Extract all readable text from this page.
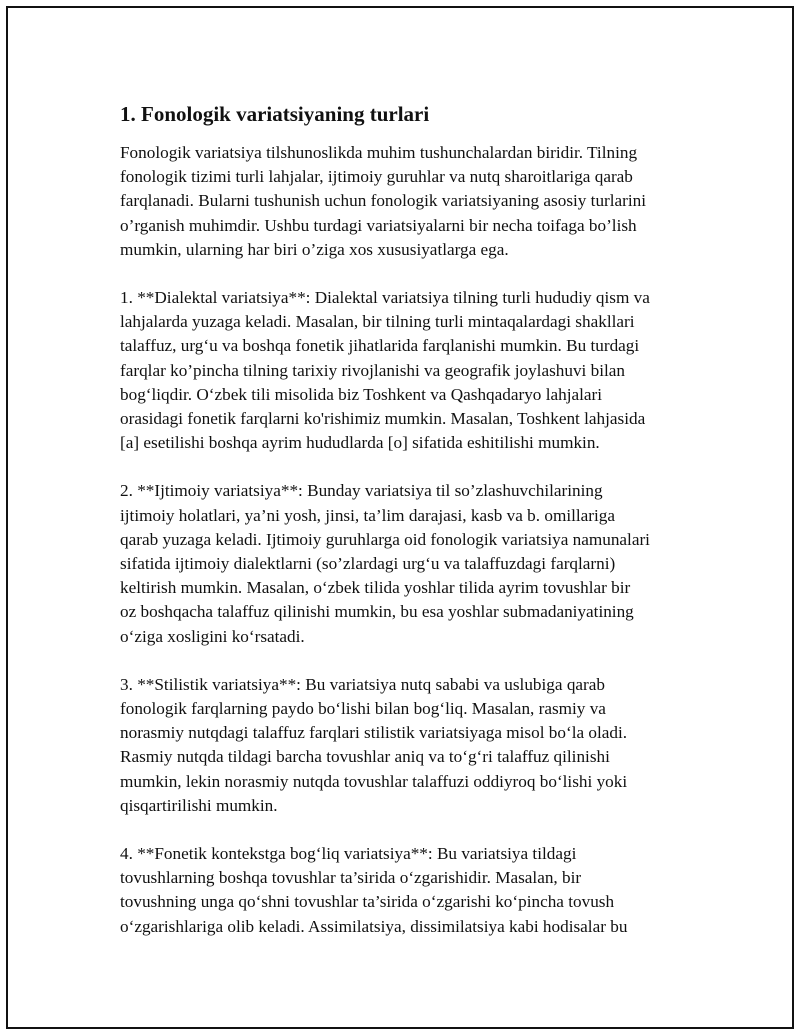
1. Fonologik variatsiyaning turlari

Fonologik variatsiya tilshunoslikda muhim tushunchalardan biridir. Tilning
fonologik tizimi turli lahjalar, ijtimoiy guruhlar va nutq sharoitlariga qarab
farqlanadi. Bularni tushunish uchun fonologik variatsiyaning asosiy turlarini
o’rganish muhimdir. Ushbu turdagi variatsiyalarni bir necha toifaga bo’lish
mumkin, ularning har biri o’ziga xos xususiyatlarga ega.

1. **Dialektal variatsiya**: Dialektal variatsiya tilning turli hududiy qism va
lahjalarda yuzaga keladi. Masalan, bir tilning turli mintaqalardagi shakllari
talaffuz, urg‘u va boshqa fonetik jihatlarida farqlanishi mumkin. Bu turdagi
farqlar ko’pincha tilning tarixiy rivojlanishi va geografik joylashuvi bilan
bog‘liqdir. O‘zbek tili misolida biz Toshkent va Qashqadaryo lahjalari
orasidagi fonetik farqlarni ko'rishimiz mumkin. Masalan, Toshkent lahjasida
[a] esetilishi boshqa ayrim hududlarda [o] sifatida eshitilishi mumkin.

2. **Ijtimoiy variatsiya**: Bunday variatsiya til so’zlashuvchilarining
ijtimoiy holatlari, ya’ni yosh, jinsi, ta’lim darajasi, kasb va b. omillariga
qarab yuzaga keladi. Ijtimoiy guruhlarga oid fonologik variatsiya namunalari
sifatida ijtimoiy dialektlarni (so’zlardagi urg‘u va talaffuzdagi farqlarni)
keltirish mumkin. Masalan, o‘zbek tilida yoshlar tilida ayrim tovushlar bir
oz boshqacha talaffuz qilinishi mumkin, bu esa yoshlar submadaniyatining
o‘ziga xosligini ko‘rsatadi.

3. **Stilistik variatsiya**: Bu variatsiya nutq sababi va uslubiga qarab
fonologik farqlarning paydo bo‘lishi bilan bog‘liq. Masalan, rasmiy va
norasmiy nutqdagi talaffuz farqlari stilistik variatsiyaga misol bo‘la oladi.
Rasmiy nutqda tildagi barcha tovushlar aniq va to‘g‘ri talaffuz qilinishi
mumkin, lekin norasmiy nutqda tovushlar talaffuzi oddiyroq bo‘lishi yoki
qisqartirilishi mumkin.

4. **Fonetik kontekstga bog‘liq variatsiya**: Bu variatsiya tildagi
tovushlarning boshqa tovushlar ta’sirida o‘zgarishidir. Masalan, bir
tovushning unga qo‘shni tovushlar ta’sirida o‘zgarishi ko‘pincha tovush
o‘zgarishlariga olib keladi. Assimilatsiya, dissimilatsiya kabi hodisalar bu
